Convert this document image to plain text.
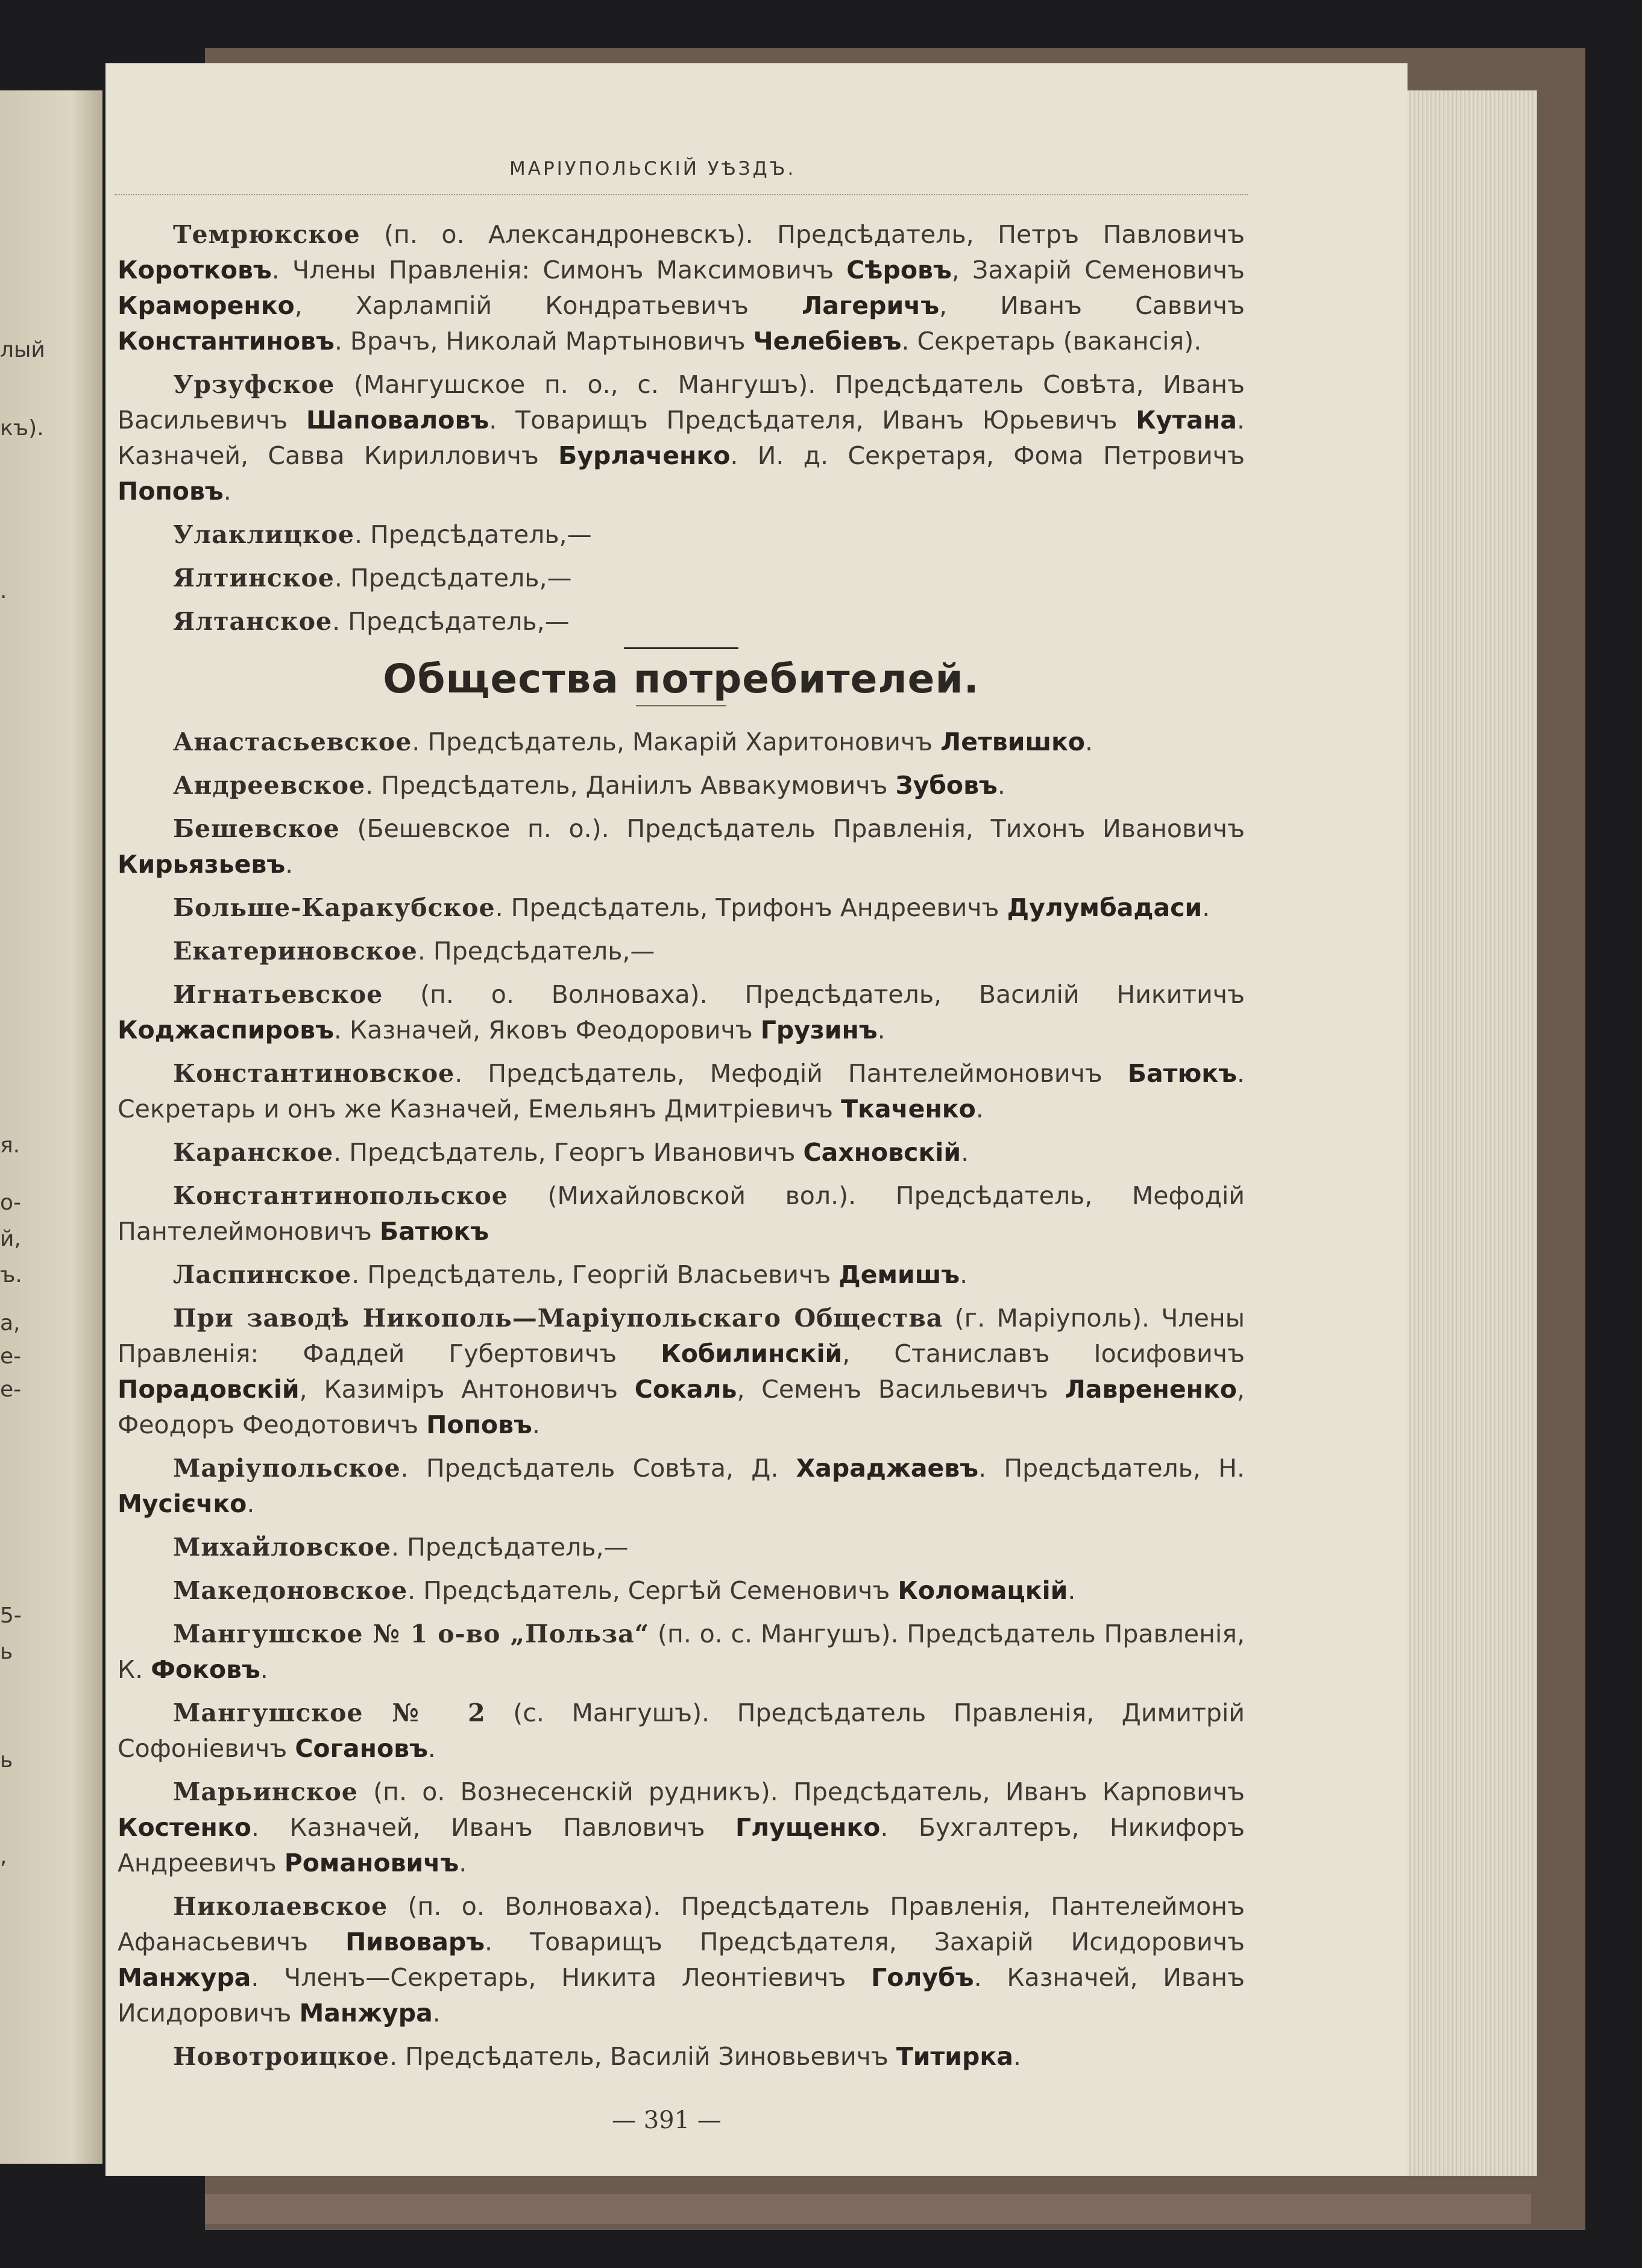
лый
къ).
.
я.
о-
й,
ъ.
а,
е-
е-
5-
ь
ь
,
МАРІУПОЛЬСКІЙ УѢЗДЪ.

Темрюкское (п. о. Александроневскъ). Предсѣдатель, Петръ Павловичъ Коротковъ. Члены Правленія: Симонъ Максимовичъ Сѣровъ, Захарій Семеновичъ Краморенко, Харлампій Кондратьевичъ Лагеричъ, Иванъ Саввичъ Константиновъ. Врачъ, Николай Мартыновичъ Челебіевъ. Секретарь (вакансія).

Урзуфское (Мангушское п. о., с. Мангушъ). Предсѣдатель Совѣта, Иванъ Васильевичъ Шаповаловъ. Товарищъ Предсѣдателя, Иванъ Юрьевичъ Кутана. Казначей, Савва Кирилловичъ Бурлаченко. И. д. Секретаря, Фома Петровичъ Поповъ.

Улаклицкое. Предсѣдатель,—

Ялтинское. Предсѣдатель,—

Ялтанское. Предсѣдатель,—

Общества потребителей.

Анастасьевское. Предсѣдатель, Макарій Харитоновичъ Летвишко.

Андреевское. Предсѣдатель, Даніилъ Аввакумовичъ Зубовъ.

Бешевское (Бешевское п. о.). Предсѣдатель Правленія, Тихонъ Ивановичъ Кирьязьевъ.

Больше-Каракубское. Предсѣдатель, Трифонъ Андреевичъ Дулумбадаси.

Екатериновское. Предсѣдатель,—

Игнатьевское (п. о. Волноваха). Предсѣдатель, Василій Никитичъ Коджаспировъ. Казначей, Яковъ Феодоровичъ Грузинъ.

Константиновское. Предсѣдатель, Мефодій Пантелеймоновичъ Батюкъ. Секретарь и онъ же Казначей, Емельянъ Дмитріевичъ Ткаченко.

Каранское. Предсѣдатель, Георгъ Ивановичъ Сахновскій.

Константинопольское (Михайловской вол.). Предсѣдатель, Мефодій Пантелеймоновичъ Батюкъ

Ласпинское. Предсѣдатель, Георгій Власьевичъ Демишъ.

При заводѣ Никополь—Маріупольскаго Общества (г. Маріуполь). Члены Правленія: Фаддей Губертовичъ Кобилинскій, Станиславъ Іосифовичъ Порадовскій, Казиміръ Антоновичъ Сокаль, Семенъ Васильевичъ Лаврененко, Феодоръ Феодотовичъ Поповъ.

Маріупольское. Предсѣдатель Совѣта, Д. Хараджаевъ. Предсѣдатель, Н. Мусієчко.

Михайловское. Предсѣдатель,—

Македоновское. Предсѣдатель, Сергѣй Семеновичъ Коломацкій.

Мангушское № 1 о-во „Польза“ (п. о. с. Мангушъ). Предсѣдатель Правленія, К. Фоковъ.

Мангушское № 2 (с. Мангушъ). Предсѣдатель Правленія, Димитрій Софоніевичъ Согановъ.

Марьинское (п. о. Вознесенскій рудникъ). Предсѣдатель, Иванъ Карповичъ Костенко. Казначей, Иванъ Павловичъ Глущенко. Бухгалтеръ, Никифоръ Андреевичъ Романовичъ.

Николаевское (п. о. Волноваха). Предсѣдатель Правленія, Пантелеймонъ Афанасьевичъ Пивоваръ. Товарищъ Предсѣдателя, Захарій Исидоровичъ Манжура. Членъ—Секретарь, Никита Леонтіевичъ Голубъ. Казначей, Иванъ Исидоровичъ Манжура.

Новотроицкое. Предсѣдатель, Василій Зиновьевичъ Титирка.

— 391 —
